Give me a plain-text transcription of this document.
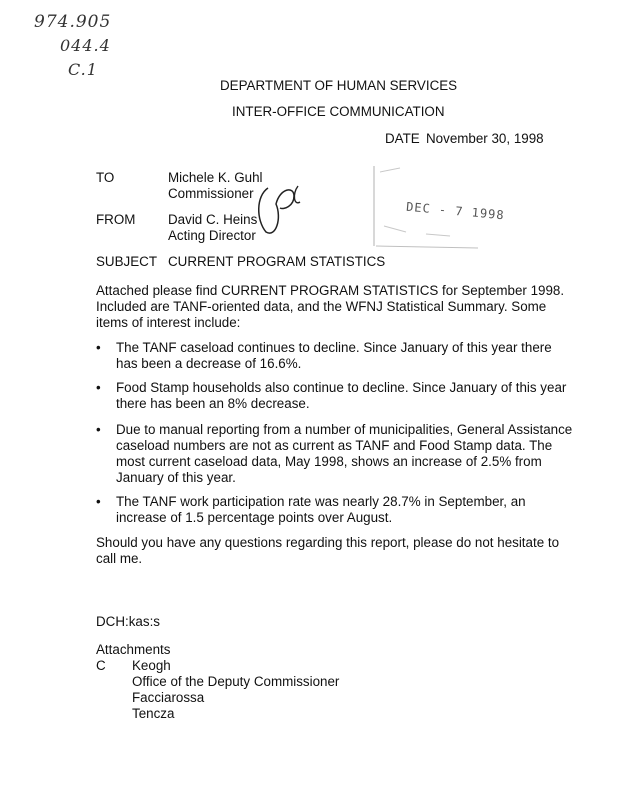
974.905
044.4
C.1
DEPARTMENT OF HUMAN SERVICES
INTER-OFFICE COMMUNICATION
DATE November 30, 1998
TO	Michele K. Guhl
Commissioner
FROM David C. Heins
Acting Director
DEC - 7 1998
SUBJECT CURRENT PROGRAM STATISTICS
Attached please find CURRENT PROGRAM STATISTICS for September 1998.
Included are TANF-oriented data, and the WFNJ Statistical Summary. Some
items of interest include:
• The TANF caseload continues to decline. Since January of this year there
has been a decrease of 16.6%.
• Food Stamp households also continue to decline. Since January of this year
there has been an 8% decrease.
• Due to manual reporting from a number of municipalities, General Assistance
caseload numbers are not as current as TANF and Food Stamp data. The
most current caseload data, May 1998, shows an increase of 2.5% from
January of this year.
• The TANF work participation rate was nearly 28.7% in September, an
increase of 1.5 percentage points over August.
Should you have any questions regarding this report, please do not hesitate to
call me.
DCH:kas:s
Attachments
C Keogh
Office of the Deputy Commissioner
Facciarossa
Tencza
